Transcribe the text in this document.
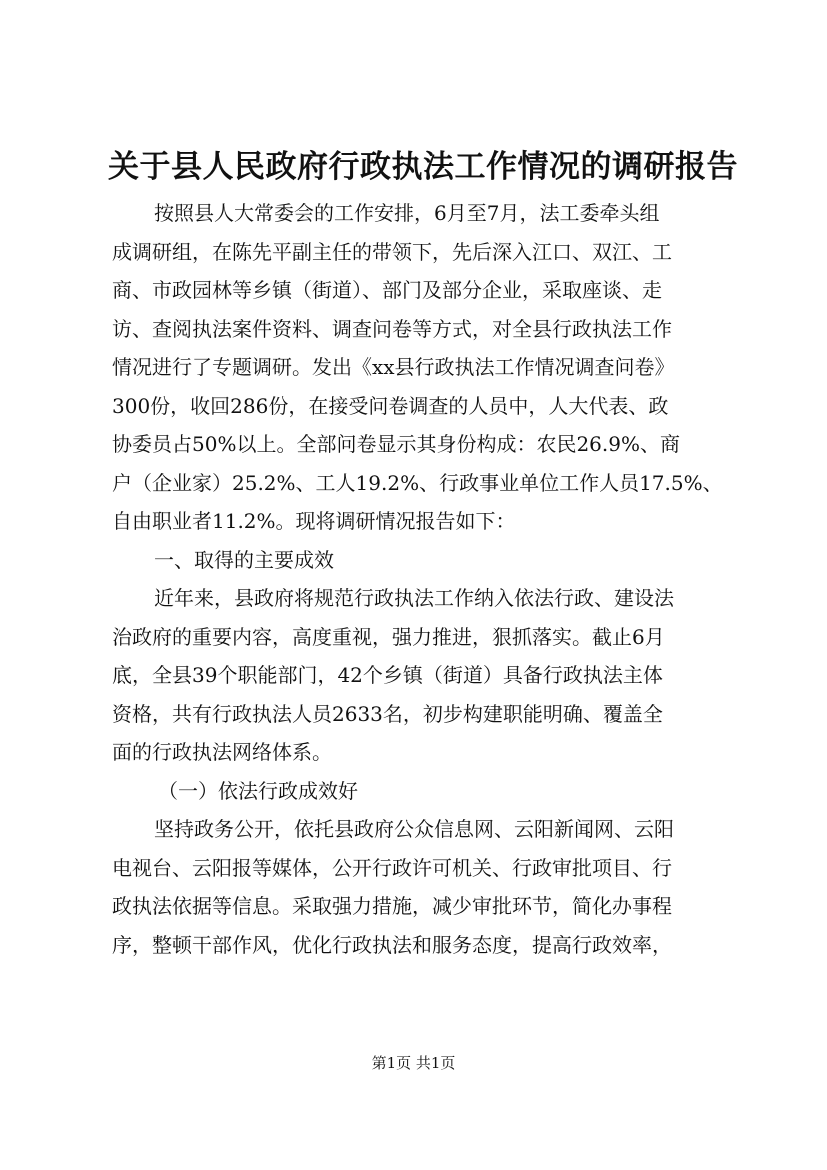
关于县人民政府行政执法工作情况的调研报告
按照县人大常委会的工作安排，6月至7月，法工委牵头组
成调研组，在陈先平副主任的带领下，先后深入江口、双江、工
商、市政园林等乡镇（街道）、部门及部分企业，采取座谈、走
访、查阅执法案件资料、调查问卷等方式，对全县行政执法工作
情况进行了专题调研。发出《xx县行政执法工作情况调查问卷》
300份，收回286份，在接受问卷调查的人员中，人大代表、政
协委员占50%以上。全部问卷显示其身份构成：农民26.9%、商
户（企业家）25.2%、工人19.2%、行政事业单位工作人员17.5%、
自由职业者11.2%。现将调研情况报告如下：
一、取得的主要成效
近年来，县政府将规范行政执法工作纳入依法行政、建设法
治政府的重要内容，高度重视，强力推进，狠抓落实。截止6月
底，全县39个职能部门，42个乡镇（街道）具备行政执法主体
资格，共有行政执法人员2633名，初步构建职能明确、覆盖全
面的行政执法网络体系。
（一）依法行政成效好
坚持政务公开，依托县政府公众信息网、云阳新闻网、云阳
电视台、云阳报等媒体，公开行政许可机关、行政审批项目、行
政执法依据等信息。采取强力措施，减少审批环节，简化办事程
序，整顿干部作风，优化行政执法和服务态度，提高行政效率，
第1页 共1页
